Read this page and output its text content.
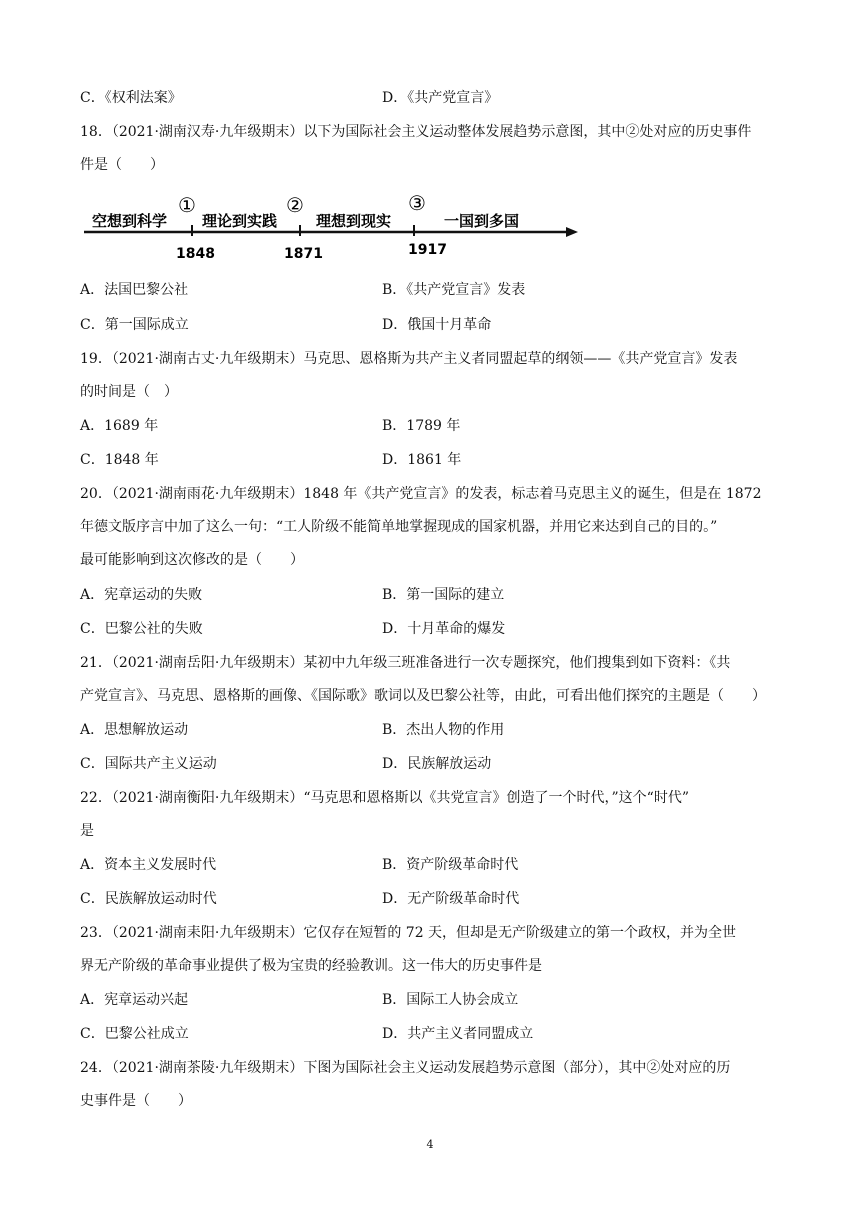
C．《权利法案》	D．《共产党宣言》
18．（2021·湖南汉寿·九年级期末）以下为国际社会主义运动整体发展趋势示意图，其中②处对应的历史事件
件是（　　）
空想到科学 理论到实践	理想到现实	一国到多国
①	②	③
1848	1871	1917
A．法国巴黎公社	B．《共产党宣言》发表
C．第一国际成立	D．俄国十月革命
19．（2021·湖南古丈·九年级期末）马克思、恩格斯为共产主义者同盟起草的纲领——《共产党宣言》发表
的时间是（　）
A．1689 年	B．1789 年
C．1848 年	D．1861 年
20．（2021·湖南雨花·九年级期末）1848 年《共产党宣言》的发表，标志着马克思主义的诞生，但是在 1872
年德文版序言中加了这么一句：“工人阶级不能简单地掌握现成的国家机器，并用它来达到自己的目的。”
最可能影响到这次修改的是（　　）
A．宪章运动的失败	B．第一国际的建立
C．巴黎公社的失败	D．十月革命的爆发
21．（2021·湖南岳阳·九年级期末）某初中九年级三班准备进行一次专题探究，他们搜集到如下资料：《共
产党宣言》、马克思、恩格斯的画像、《国际歌》歌词以及巴黎公社等，由此，可看出他们探究的主题是（　　）
A．思想解放运动	B．杰出人物的作用
C．国际共产主义运动	D．民族解放运动
22．（2021·湖南衡阳·九年级期末）“马克思和恩格斯以《共党宣言》创造了一个时代，”这个“时代”
是
A．资本主义发展时代	B．资产阶级革命时代
C．民族解放运动时代	D．无产阶级革命时代
23．（2021·湖南耒阳·九年级期末）它仅存在短暂的 72 天，但却是无产阶级建立的第一个政权，并为全世
界无产阶级的革命事业提供了极为宝贵的经验教训。这一伟大的历史事件是
A．宪章运动兴起	B．国际工人协会成立
C．巴黎公社成立	D．共产主义者同盟成立
24．（2021·湖南茶陵·九年级期末）下图为国际社会主义运动发展趋势示意图（部分），其中②处对应的历
史事件是（　　）
4
